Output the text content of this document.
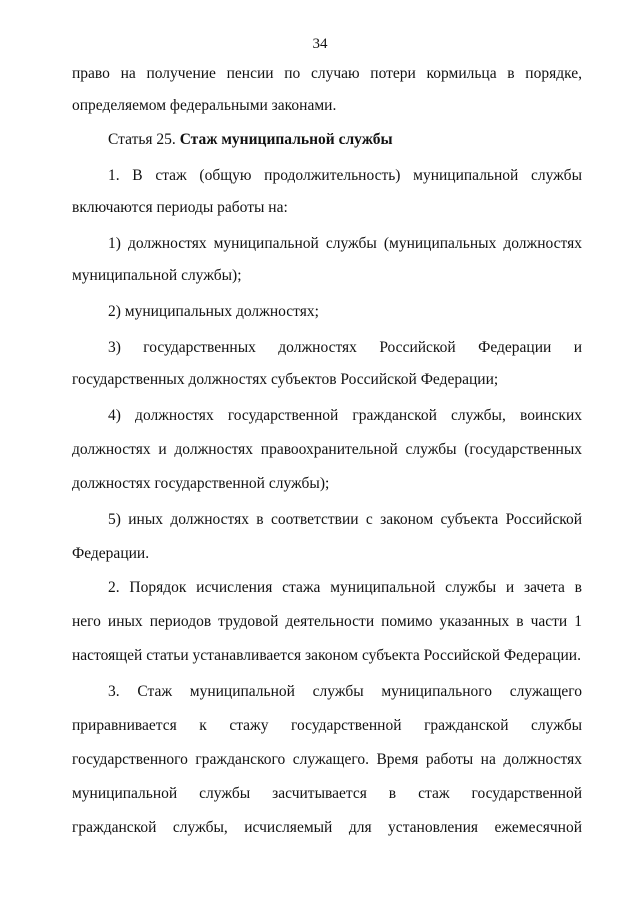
34
право на получение пенсии по случаю потери кормильца в порядке,
определяемом федеральными законами.
Статья 25. Стаж муниципальной службы
1. В стаж (общую продолжительность) муниципальной службы
включаются периоды работы на:
1) должностях муниципальной службы (муниципальных должностях
муниципальной службы);
2) муниципальных должностях;
3) государственных должностях Российской Федерации и
государственных должностях субъектов Российской Федерации;
4) должностях государственной гражданской службы, воинских
должностях и должностях правоохранительной службы (государственных
должностях государственной службы);
5) иных должностях в соответствии с законом субъекта Российской
Федерации.
2. Порядок исчисления стажа муниципальной службы и зачета в
него иных периодов трудовой деятельности помимо указанных в части 1
настоящей статьи устанавливается законом субъекта Российской Федерации.
3. Стаж муниципальной службы муниципального служащего
приравнивается к стажу государственной гражданской службы
государственного гражданского служащего. Время работы на должностях
муниципальной службы засчитывается в стаж государственной
гражданской службы, исчисляемый для установления ежемесячной
